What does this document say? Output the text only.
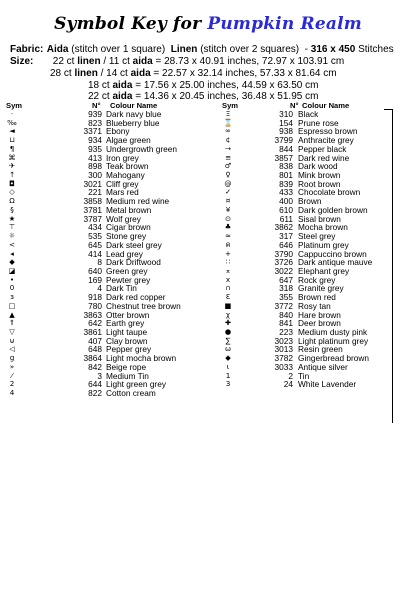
Symbol Key for Pumpkin Realm
Fabric: Aida (stitch over 1 square) Linen (stitch over 2 squares)  - 316 x 450 Stitches
Size: 22 ct linen / 11 ct aida = 28.73 x 40.91 inches, 72.97 x 103.91 cm
28 ct linen / 14 ct aida = 22.57 x 32.14 inches, 57.33 x 81.64 cm
18 ct aida = 17.56 x 25.00 inches, 44.59 x 63.50 cm
22 ct aida = 14.36 x 20.45 inches, 36.48 x 51.95 cm
Sym	N° Colour Name	Sym	N° Colour Name
·	939 Dark navy blue
‰	823 Blueberry blue
◄	3371 Ebony
⊔	934 Algae green
¶	935 Undergrowth green
⌘	413 Iron grey
✈	898 Teak brown
↑	300 Mahogany
◘	3021 Cliff grey
◇	221 Mars red
Ω	3858 Medium red wine
§	3781 Metal brown
★	3787 Wolf grey
⊤	434 Cigar brown
☼	535 Stone grey
<	645 Dark steel grey
◂	414 Lead grey
◆	8 Dark Driftwood
◪	640 Green grey
•	169 Pewter grey
0	4 Dark Tin
ɜ	918 Dark red copper
□	780 Chestnut tree brown
▲	3863 Otter brown
⇑	642 Earth grey
▽	3861 Light taupe
⊎	407 Clay brown
◁	648 Pepper grey
g	3864 Light mocha brown
»	842 Beige rope
⁄	3 Medium Tin
2	644 Light green grey
4	822 Cotton cream
Ξ	310 Black
⌛	154 Prune rose
∞	938 Espresso brown
¢	3799 Anthracite grey
→	844 Pepper black
≡	3857 Dark red wine
♂	838 Dark wood
♀	801 Mink brown
@	839 Root brown
✓	433 Chocolate brown
¤	400 Brown
¥	610 Dark golden brown
⊙	611 Sisal brown
♣	3862 Mocha brown
≈	317 Steel grey
ค	646 Platinum grey
+	3790 Cappuccino brown
∷	3726 Dark antique mauve
⌅	3022 Elephant grey
x	647 Rock grey
∩	318 Granite grey
Ɛ	355 Brown red
■	3772 Rosy tan
χ	840 Hare brown
✚	841 Deer brown
●	223 Medium dusty pink
∑	3023 Light platinum grey
ω	3013 Resin green
◆	3782 Gingerbread brown
ι	3033 Antique silver
1	2 Tin
3	24 White Lavender
